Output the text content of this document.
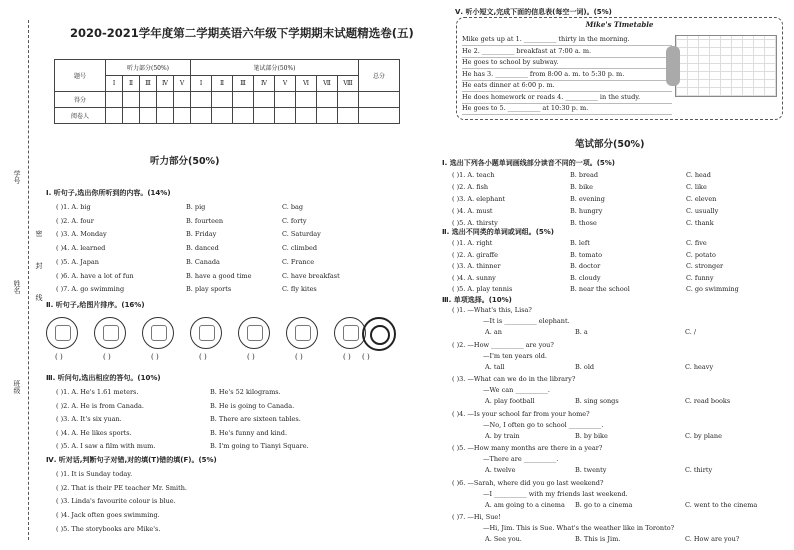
学号
姓名
班级
密
封
线
2020-2021学年度第二学期英语六年级下学期期末试题精选卷(五)
题号	听力部分(50%)					笔试部分(50%)								总分
	Ⅰ	Ⅱ	Ⅲ	Ⅳ	Ⅴ	Ⅰ	Ⅱ	Ⅲ	Ⅳ	Ⅴ	Ⅵ	Ⅶ	Ⅷ	
得分														
阅卷人														
听力部分(50%)
Ⅰ. 听句子,选出你所听到的内容。(14%)
( )1. A. big	B. pig	C. bag
( )2. A. four	B. fourteen	C. forty
( )3. A. Monday	B. Friday	C. Saturday
( )4. A. learned	B. danced	C. climbed
( )5. A. Japan	B. Canada	C. France
( )6. A. have a lot of fun	B. have a good time	C. have breakfast
( )7. A. go swimming	B. play sports	C. fly kites
Ⅱ. 听句子,给图片排序。(16%)
( )	( )	( )	( )	( )	( )	( ) ( )
Ⅲ. 听问句,选出相应的答句。(10%)
( )1. A. He's 1.61 meters.	B. He's 52 kilograms.
( )2. A. He is from Canada.	B. He is going to Canada.
( )3. A. It's six yuan.	B. There are sixteen tables.
( )4. A. He likes sports.	B. He's funny and kind.
( )5. A. I saw a film with mum.	B. I'm going to Tianyi Square.
Ⅳ. 听对话,判断句子对错,对的填(T)错的填(F)。(5%)
( )1. It is Sunday today.
( )2. That is their PE teacher Mr. Smith.
( )3. Linda's favourite colour is blue.
( )4. Jack often goes swimming.
( )5. The storybooks are Mike's.
Ⅴ. 听小短文,完成下面的信息表(每空一词)。(5%)
Mike's Timetable
Mike gets up at 1. __________ thirty in the morning.
He 2. __________ breakfast at 7:00 a. m.
He goes to school by subway.
He has 3. __________ from 8:00 a. m. to 5:30 p. m.
He eats dinner at 6:00 p. m.
He does homework or reads 4. __________ in the study.
He goes to 5. __________ at 10:30 p. m.
笔试部分(50%)
Ⅰ. 选出下列各小题单词画线部分读音不同的一项。(5%)
( )1. A. teach	B. bread	C. head
( )2. A. fish	B. bike	C. like
( )3. A. elephant	B. evening	C. eleven
( )4. A. must	B. hungry	C. usually
( )5. A. thirsty	B. those	C. thank
Ⅱ. 选出不同类的单词或词组。(5%)
( )1. A. right	B. left	C. five
( )2. A. giraffe	B. tomato	C. potato
( )3. A. thinner	B. doctor	C. stronger
( )4. A. sunny	B. cloudy	C. funny
( )5. A. play tennis	B. near the school	C. go swimming
Ⅲ. 单项选择。(10%)
( )1. —What's this, Lisa?
—It is __________ elephant.
A. an	B. a	C. /
( )2. —How __________ are you?
—I'm ten years old.
A. tall	B. old	C. heavy
( )3. —What can we do in the library?
—We can __________.
A. play football	B. sing songs	C. read books
( )4. —Is your school far from your home?
—No, I often go to school __________.
A. by train	B. by bike	C. by plane
( )5. —How many months are there in a year?
—There are __________.
A. twelve	B. twenty	C. thirty
( )6. —Sarah, where did you go last weekend?
—I __________ with my friends last weekend.
A. am going to a cinema B. go to a cinema	C. went to the cinema
( )7. —Hi, Sue!
—Hi, Jim. This is Sue. What's the weather like in Toronto?
A. See you.	B. This is Jim.	C. How are you?
